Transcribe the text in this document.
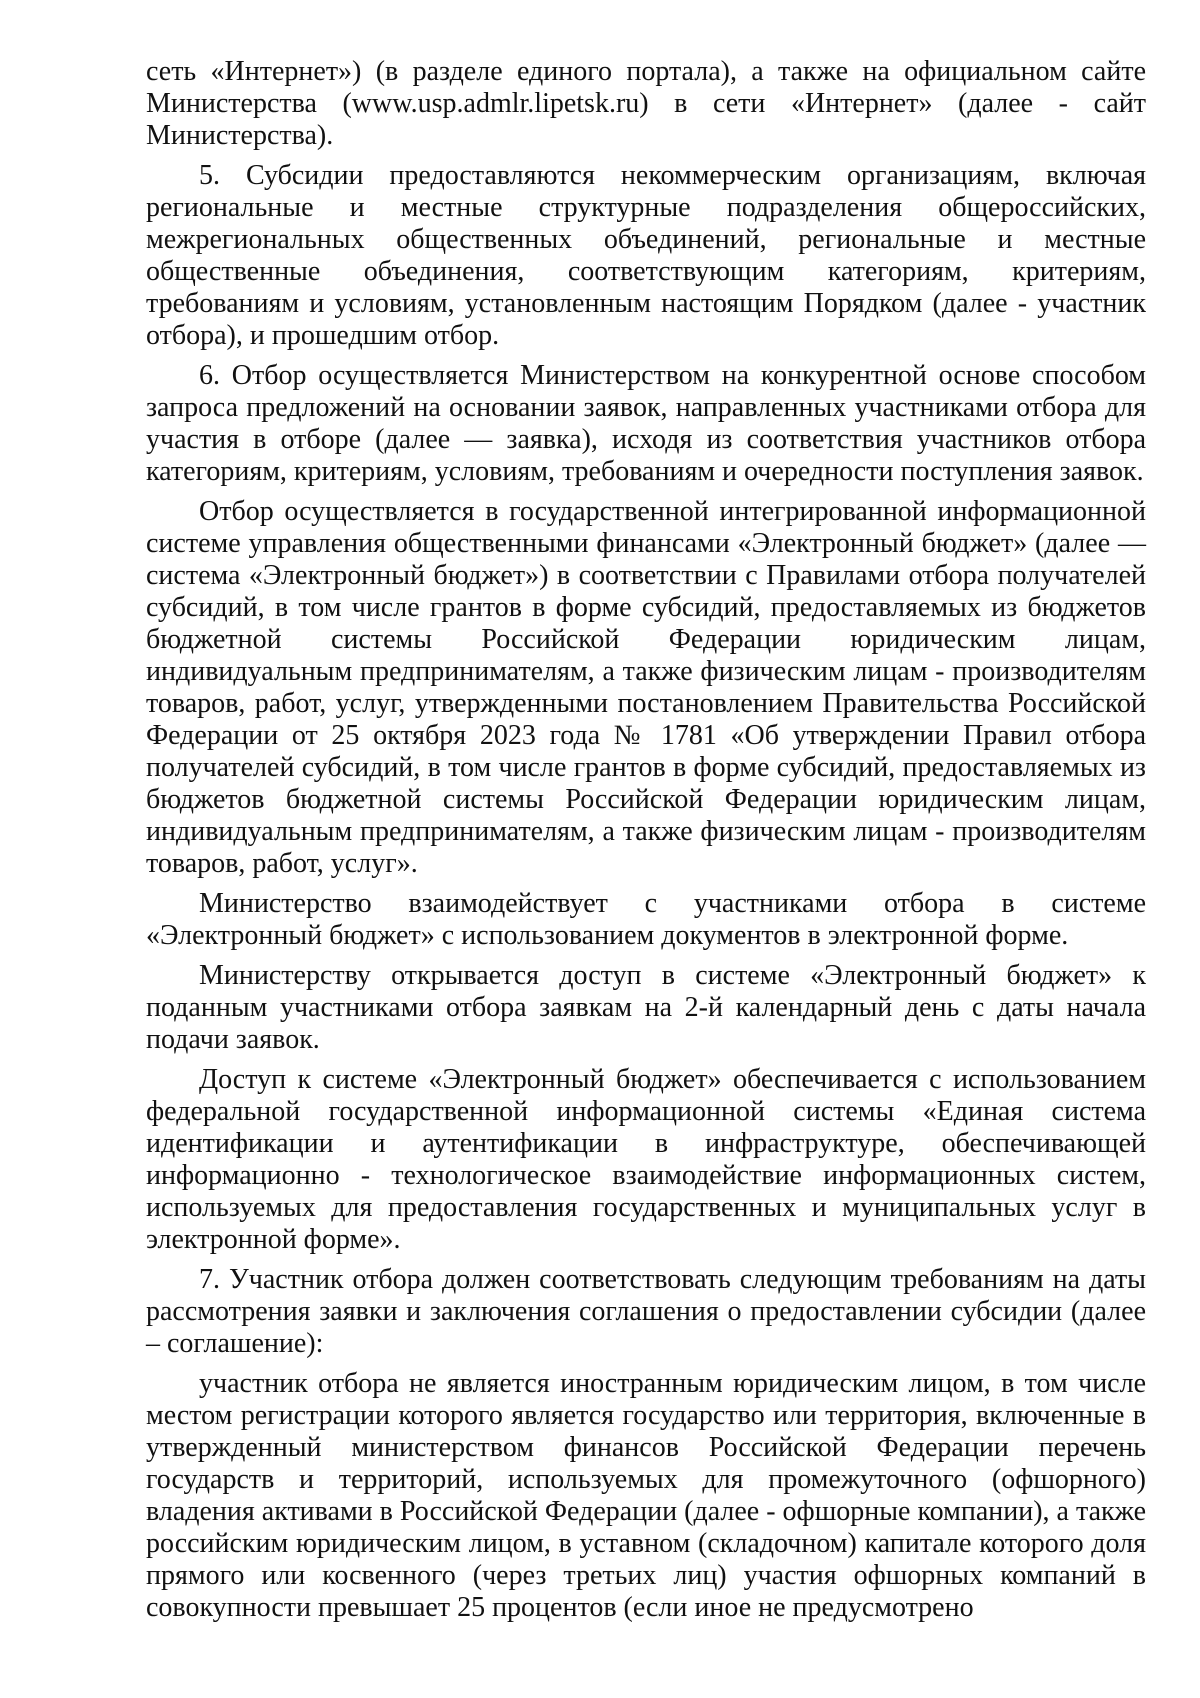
сеть «Интернет») (в разделе единого портала), а также на официальном сайте Министерства (www.usp.admlr.lipetsk.ru) в сети «Интернет» (далее - сайт Министерства).

5. Субсидии предоставляются некоммерческим организациям, включая региональные и местные структурные подразделения общероссийских, межрегиональных общественных объединений, региональные и местные общественные объединения, соответствующим категориям, критериям, требованиям и условиям, установленным настоящим Порядком (далее - участник отбора), и прошедшим отбор.

6. Отбор осуществляется Министерством на конкурентной основе способом запроса предложений на основании заявок, направленных участниками отбора для участия в отборе (далее — заявка), исходя из соответствия участников отбора категориям, критериям, условиям, требованиям и очередности поступления заявок.

Отбор осуществляется в государственной интегрированной информационной системе управления общественными финансами «Электронный бюджет» (далее — система «Электронный бюджет») в соответствии с Правилами отбора получателей субсидий, в том числе грантов в форме субсидий, предоставляемых из бюджетов бюджетной системы Российской Федерации юридическим лицам, индивидуальным предпринимателям, а также физическим лицам - производителям товаров, работ, услуг, утвержденными постановлением Правительства Российской Федерации от 25 октября 2023 года № 1781 «Об утверждении Правил отбора получателей субсидий, в том числе грантов в форме субсидий, предоставляемых из бюджетов бюджетной системы Российской Федерации юридическим лицам, индивидуальным предпринимателям, а также физическим лицам - производителям товаров, работ, услуг».

Министерство взаимодействует с участниками отбора в системе «Электронный бюджет» с использованием документов в электронной форме.

Министерству открывается доступ в системе «Электронный бюджет» к поданным участниками отбора заявкам на 2-й календарный день с даты начала подачи заявок.

Доступ к системе «Электронный бюджет» обеспечивается с использованием федеральной государственной информационной системы «Единая система идентификации и аутентификации в инфраструктуре, обеспечивающей информационно - технологическое взаимодействие информационных систем, используемых для предоставления государственных и муниципальных услуг в электронной форме».

7. Участник отбора должен соответствовать следующим требованиям на даты рассмотрения заявки и заключения соглашения о предоставлении субсидии (далее – соглашение):

участник отбора не является иностранным юридическим лицом, в том числе местом регистрации которого является государство или территория, включенные в утвержденный министерством финансов Российской Федерации перечень государств и территорий, используемых для промежуточного (офшорного) владения активами в Российской Федерации (далее - офшорные компании), а также российским юридическим лицом, в уставном (складочном) капитале которого доля прямого или косвенного (через третьих лиц) участия офшорных компаний в совокупности превышает 25 процентов (если иное не предусмотрено
